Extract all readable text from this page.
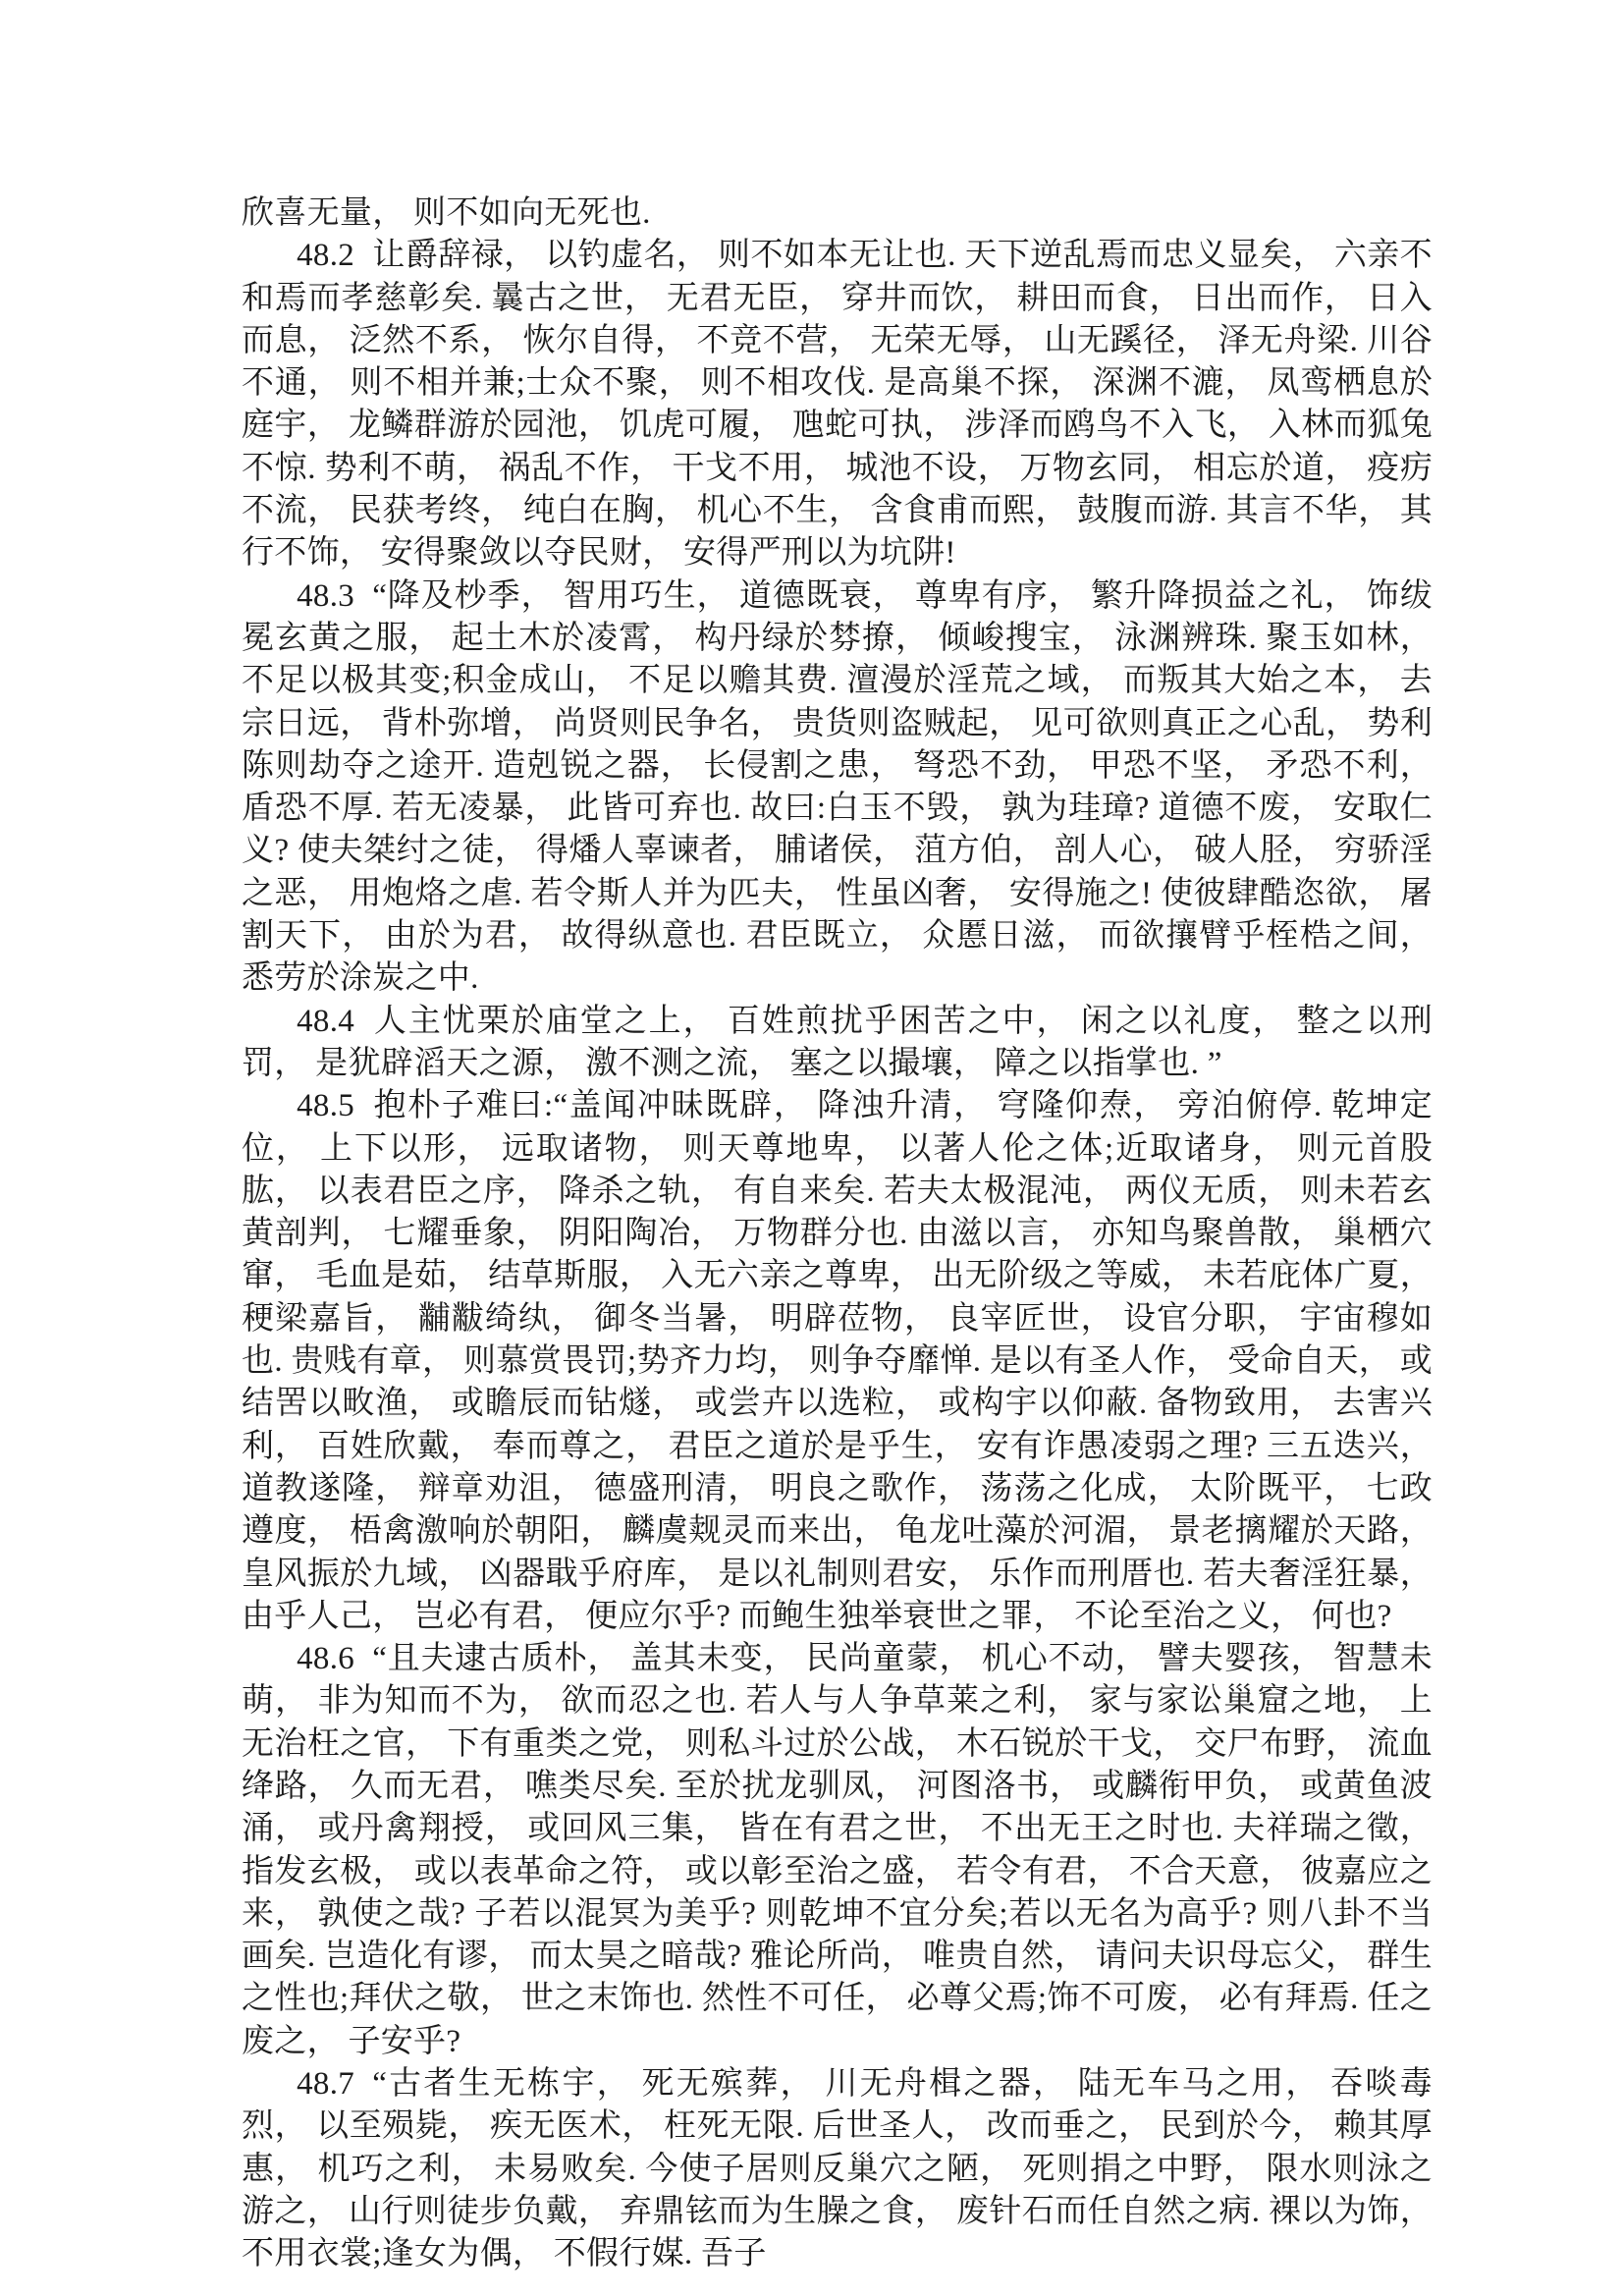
欣喜无量， 则不如向无死也.

48.2 让爵辞禄， 以钓虚名， 则不如本无让也. 天下逆乱焉而忠义显矣， 六亲不和焉而孝慈彰矣. 曩古之世， 无君无臣， 穿井而饮， 耕田而食， 日出而作， 日入而息， 泛然不系， 恢尔自得， 不竞不营， 无荣无辱， 山无蹊径， 泽无舟梁. 川谷不通， 则不相并兼;士众不聚， 则不相攻伐. 是高巢不探， 深渊不漉， 凤鸾栖息於庭宇， 龙鳞群游於园池， 饥虎可履， 虺蛇可执， 涉泽而鸥鸟不入飞， 入林而狐兔不惊. 势利不萌， 祸乱不作， 干戈不用， 城池不设， 万物玄同， 相忘於道， 疫疠不流， 民获考终， 纯白在胸， 机心不生， 含食甫而熙， 鼓腹而游. 其言不华， 其行不饰， 安得聚敛以夺民财， 安得严刑以为坑阱!

48.3 “降及杪季， 智用巧生， 道德既衰， 尊卑有序， 繁升降损益之礼， 饰绂冕玄黄之服， 起土木於凌霄， 构丹绿於棼撩， 倾峻搜宝， 泳渊辨珠. 聚玉如林， 不足以极其变;积金成山， 不足以赡其费. 澶漫於淫荒之域， 而叛其大始之本， 去宗日远， 背朴弥增， 尚贤则民争名， 贵货则盗贼起， 见可欲则真正之心乱， 势利陈则劫夺之途开. 造剋锐之器， 长侵割之患， 弩恐不劲， 甲恐不坚， 矛恐不利， 盾恐不厚. 若无凌暴， 此皆可弃也. 故曰:白玉不毁， 孰为珪璋? 道德不废， 安取仁义? 使夫桀纣之徒， 得燔人辜谏者， 脯诸侯， 菹方伯， 剖人心， 破人胫， 穷骄淫之恶， 用炮烙之虐. 若令斯人并为匹夫， 性虽凶奢， 安得施之! 使彼肆酷恣欲， 屠割天下， 由於为君， 故得纵意也. 君臣既立， 众慝日滋， 而欲攘臂乎桎梏之间， 悉劳於涂炭之中.

48.4 人主忧栗於庙堂之上， 百姓煎扰乎困苦之中， 闲之以礼度， 整之以刑罚， 是犹辟滔天之源， 激不测之流， 塞之以撮壤， 障之以指掌也. ”

48.5 抱朴子难曰:“盖闻冲昧既辟， 降浊升清， 穹隆仰焘， 旁泊俯停. 乾坤定位， 上下以形， 远取诸物， 则天尊地卑， 以著人伦之体;近取诸身， 则元首股肱， 以表君臣之序， 降杀之轨， 有自来矣. 若夫太极混沌， 两仪无质， 则未若玄黄剖判， 七耀垂象， 阴阳陶冶， 万物群分也. 由滋以言， 亦知鸟聚兽散， 巢栖穴窜， 毛血是茹， 结草斯服， 入无六亲之尊卑， 出无阶级之等威， 未若庇体广夏， 稉梁嘉旨， 黼黻绮纨， 御冬当暑， 明辟莅物， 良宰匠世， 设官分职， 宇宙穆如也. 贵贱有章， 则慕赏畏罚;势齐力均， 则争夺靡惮. 是以有圣人作， 受命自天， 或结罟以畋渔， 或瞻辰而钻燧， 或尝卉以选粒， 或构宇以仰蔽. 备物致用， 去害兴利， 百姓欣戴， 奉而尊之， 君臣之道於是乎生， 安有诈愚凌弱之理? 三五迭兴， 道教遂隆， 辩章劝沮， 德盛刑清， 明良之歌作， 荡荡之化成， 太阶既平， 七政遵度， 梧禽激响於朝阳， 麟虞觌灵而来出， 龟龙吐藻於河湄， 景老摛耀於天路， 皇风振於九域， 凶器戢乎府库， 是以礼制则君安， 乐作而刑厝也. 若夫奢淫狂暴， 由乎人己， 岂必有君， 便应尔乎? 而鲍生独举衰世之罪， 不论至治之义， 何也?

48.6 “且夫逮古质朴， 盖其未变， 民尚童蒙， 机心不动， 譬夫婴孩， 智慧未萌， 非为知而不为， 欲而忍之也. 若人与人争草莱之利， 家与家讼巢窟之地， 上无治枉之官， 下有重类之党， 则私斗过於公战， 木石锐於干戈， 交尸布野， 流血绛路， 久而无君， 噍类尽矣. 至於扰龙驯凤， 河图洛书， 或麟衔甲负， 或黄鱼波涌， 或丹禽翔授， 或回风三集， 皆在有君之世， 不出无王之时也. 夫祥瑞之徵， 指发玄极， 或以表革命之符， 或以彰至治之盛， 若令有君， 不合天意， 彼嘉应之来， 孰使之哉? 子若以混冥为美乎? 则乾坤不宜分矣;若以无名为高乎? 则八卦不当画矣. 岂造化有谬， 而太昊之暗哉? 雅论所尚， 唯贵自然， 请问夫识母忘父， 群生之性也;拜伏之敬， 世之末饰也. 然性不可任， 必尊父焉;饰不可废， 必有拜焉. 任之废之， 子安乎?

48.7 “古者生无栋宇， 死无殡葬， 川无舟楫之器， 陆无车马之用， 吞啖毒烈， 以至殒毙， 疾无医术， 枉死无限. 后世圣人， 改而垂之， 民到於今， 赖其厚惠， 机巧之利， 未易败矣. 今使子居则反巢穴之陋， 死则捐之中野， 限水则泳之游之， 山行则徒步负戴， 弃鼎铉而为生臊之食， 废针石而任自然之病. 裸以为饰， 不用衣裳;逢女为偶， 不假行媒. 吾子
